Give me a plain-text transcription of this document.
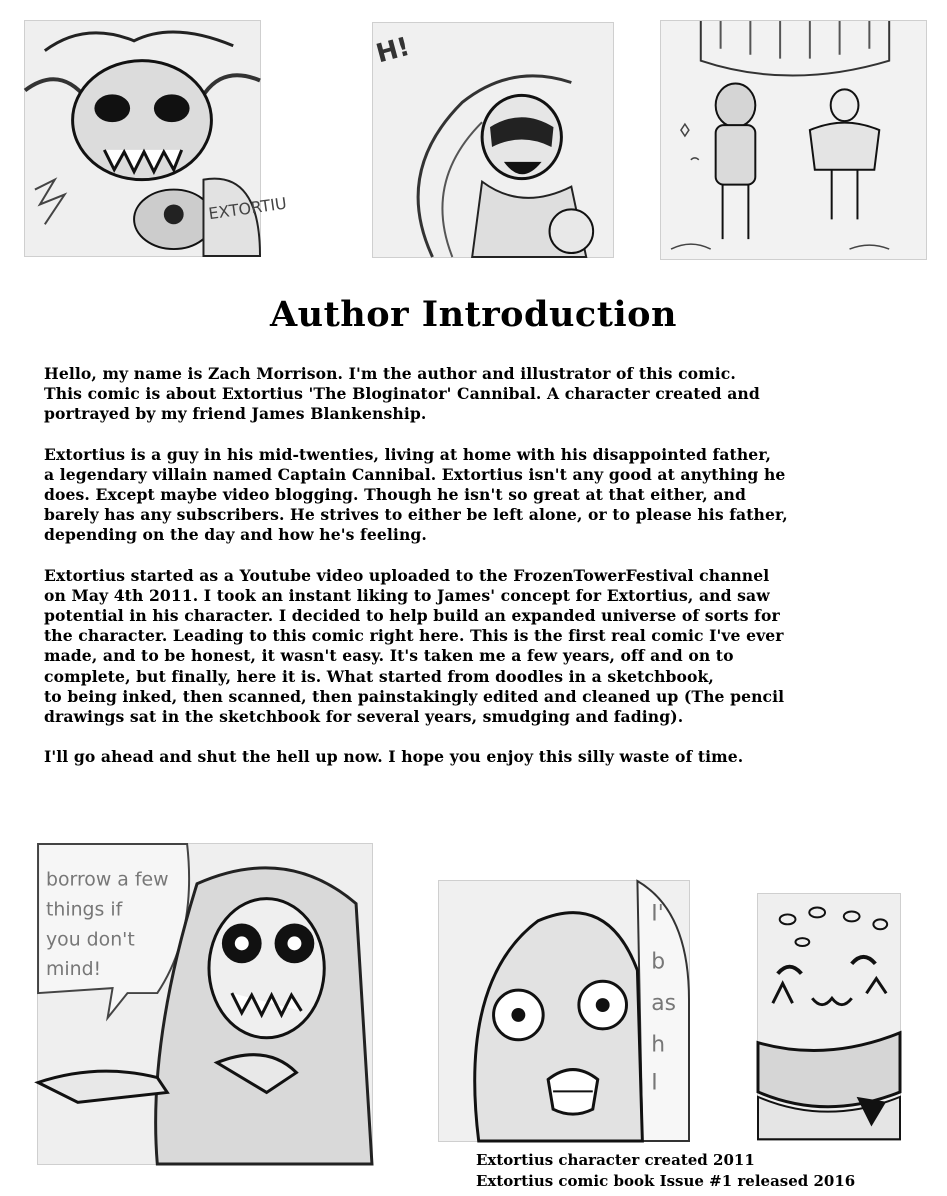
EXTORTIU
H!
Author Introduction
Hello, my name is Zach Morrison. I'm the author and illustrator of this comic.
This comic is about Extortius 'The Bloginator' Cannibal. A character created and
portrayed by my friend James Blankenship.
Extortius is a guy in his mid-twenties, living at home with his disappointed father,
a legendary villain named Captain Cannibal. Extortius isn't any good at anything he
does. Except maybe video blogging. Though he isn't so great at that either, and
barely has any subscribers. He strives to either be left alone, or to please his father,
depending on the day and how he's feeling.
Extortius started as a Youtube video uploaded to the FrozenTowerFestival channel
on May 4th 2011. I took an instant liking to James' concept for Extortius, and saw
potential in his character. I decided to help build an expanded universe of sorts for
the character. Leading to this comic right here. This is the first real comic I've ever
made, and to be honest, it wasn't easy. It's taken me a few years, off and on to
complete, but finally, here it is. What started from doodles in a sketchbook,
to being inked, then scanned, then painstakingly edited and cleaned up (The pencil
drawings sat in the sketchbook for several years, smudging and fading).
I'll go ahead and shut the hell up now. I hope you enjoy this silly waste of time.
borrow a few things if you don't mind!
I' b as h I
Extortius character created 2011
Extortius comic book Issue #1 released 2016
